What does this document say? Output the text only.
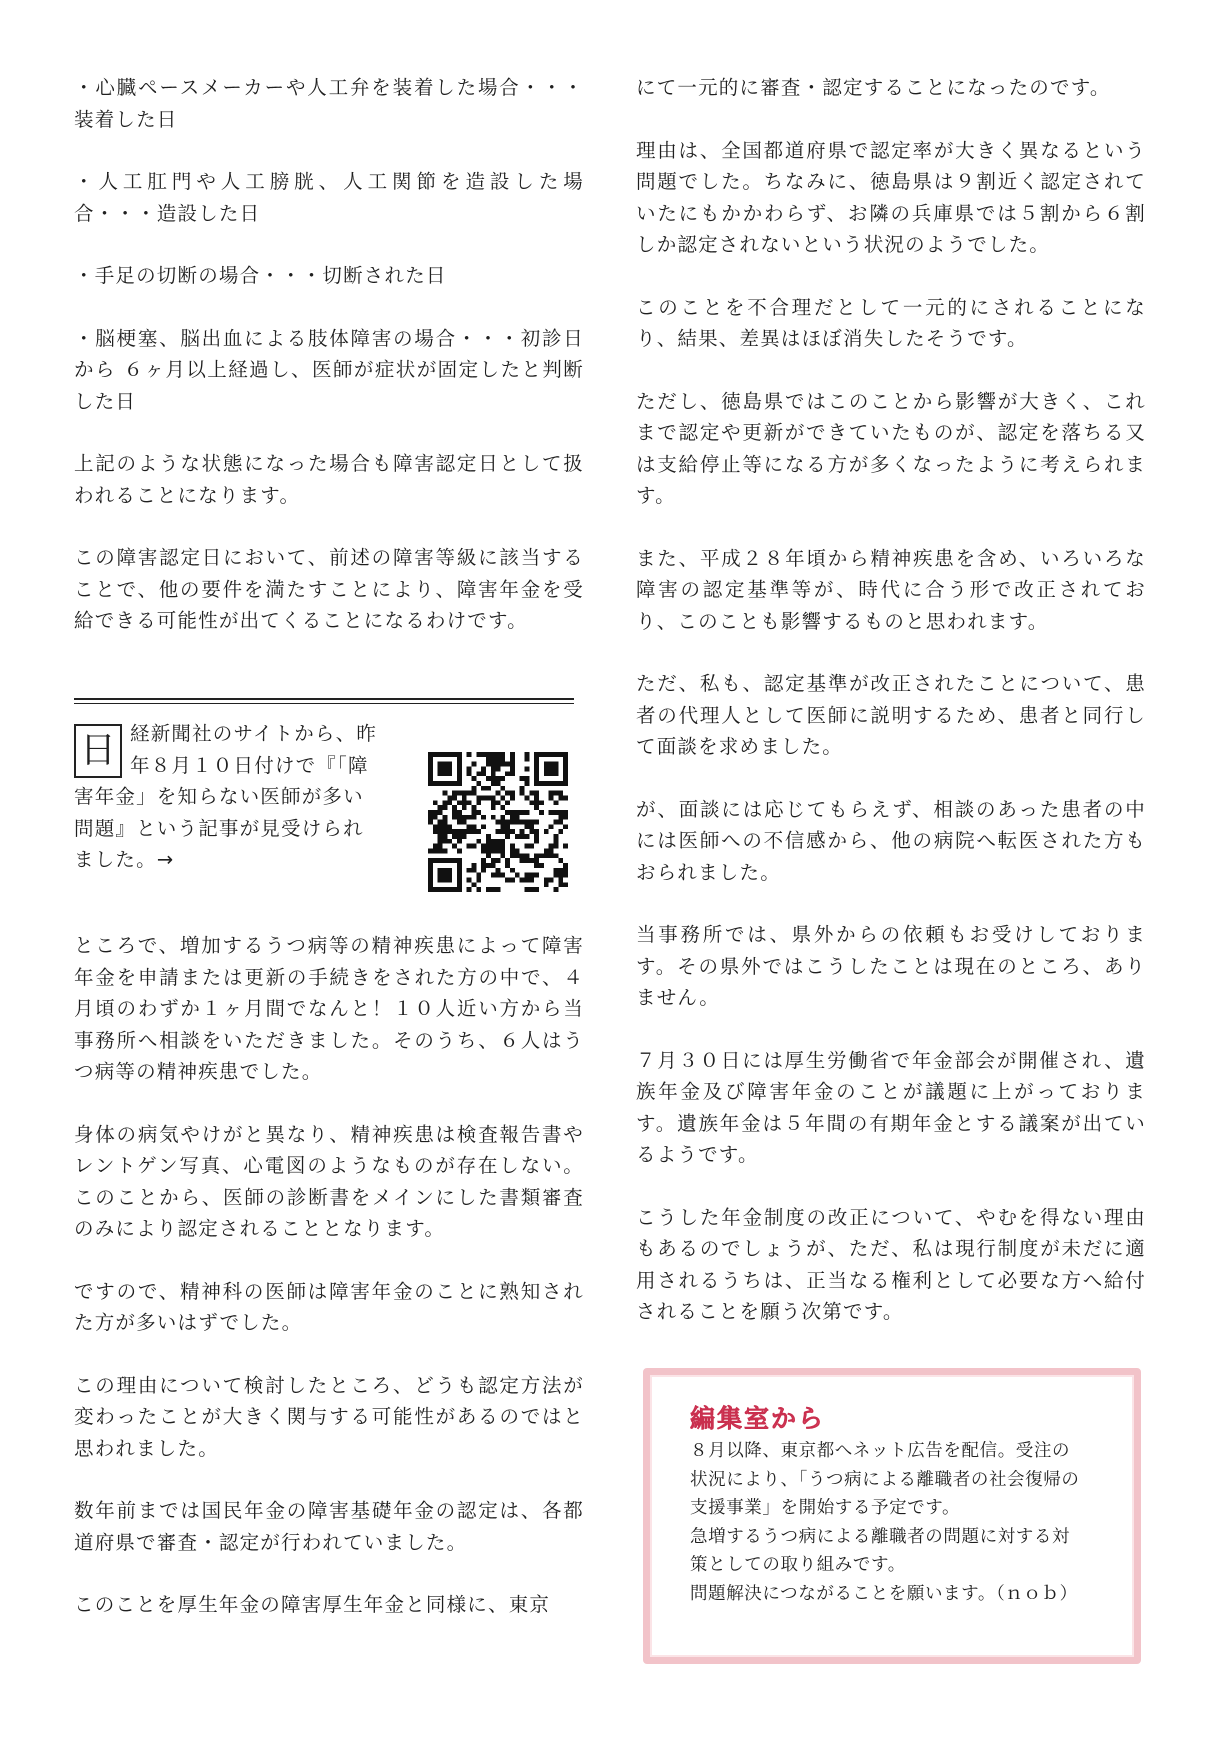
・心臓ペースメーカーや人工弁を装着した場合・・・装着した日

・人工肛門や人工膀胱、人工関節を造設した場合・・・造設した日

・手足の切断の場合・・・切断された日

・脳梗塞、脳出血による肢体障害の場合・・・初診日から ６ヶ月以上経過し、医師が症状が固定したと判断した日

上記のような状態になった場合も障害認定日として扱われることになります。

この障害認定日において、前述の障害等級に該当することで、他の要件を満たすことにより、障害年金を受給できる可能性が出てくることになるわけです。

経新聞社のサイトから、昨
年８月１０日付けで『「障
害年金」を知らない医師が多い
問題』という記事が見受けられ
ました。→
日

ところで、増加するうつ病等の精神疾患によって障害年金を申請または更新の手続きをされた方の中で、４月頃のわずか１ヶ月間でなんと！１０人近い方から当事務所へ相談をいただきました。そのうち、６人はうつ病等の精神疾患でした。

身体の病気やけがと異なり、精神疾患は検査報告書やレントゲン写真、心電図のようなものが存在しない。このことから、医師の診断書をメインにした書類審査のみにより認定されることとなります。

ですので、精神科の医師は障害年金のことに熟知された方が多いはずでした。

この理由について検討したところ、どうも認定方法が変わったことが大きく関与する可能性があるのではと思われました。

数年前までは国民年金の障害基礎年金の認定は、各都道府県で審査・認定が行われていました。

このことを厚生年金の障害厚生年金と同様に、東京

にて一元的に審査・認定することになったのです。

理由は、全国都道府県で認定率が大きく異なるという問題でした。ちなみに、徳島県は９割近く認定されていたにもかかわらず、お隣の兵庫県では５割から６割しか認定されないという状況のようでした。

このことを不合理だとして一元的にされることになり、結果、差異はほぼ消失したそうです。

ただし、徳島県ではこのことから影響が大きく、これまで認定や更新ができていたものが、認定を落ちる又は支給停止等になる方が多くなったように考えられます。

また、平成２８年頃から精神疾患を含め、いろいろな障害の認定基準等が、時代に合う形で改正されており、このことも影響するものと思われます。

ただ、私も、認定基準が改正されたことについて、患者の代理人として医師に説明するため、患者と同行して面談を求めました。

が、面談には応じてもらえず、相談のあった患者の中には医師への不信感から、他の病院へ転医された方もおられました。

当事務所では、県外からの依頼もお受けしております。その県外ではこうしたことは現在のところ、ありません。

７月３０日には厚生労働省で年金部会が開催され、遺族年金及び障害年金のことが議題に上がっております。遺族年金は５年間の有期年金とする議案が出ているようです。

こうした年金制度の改正について、やむを得ない理由もあるのでしょうが、ただ、私は現行制度が未だに適用されるうちは、正当なる権利として必要な方へ給付されることを願う次第です。

編集室から
８月以降、東京都へネット広告を配信。受注の
状況により、「うつ病による離職者の社会復帰の
支援事業」を開始する予定です。
急増するうつ病による離職者の問題に対する対
策としての取り組みです。
問題解決につながることを願います。（ｎｏｂ）
